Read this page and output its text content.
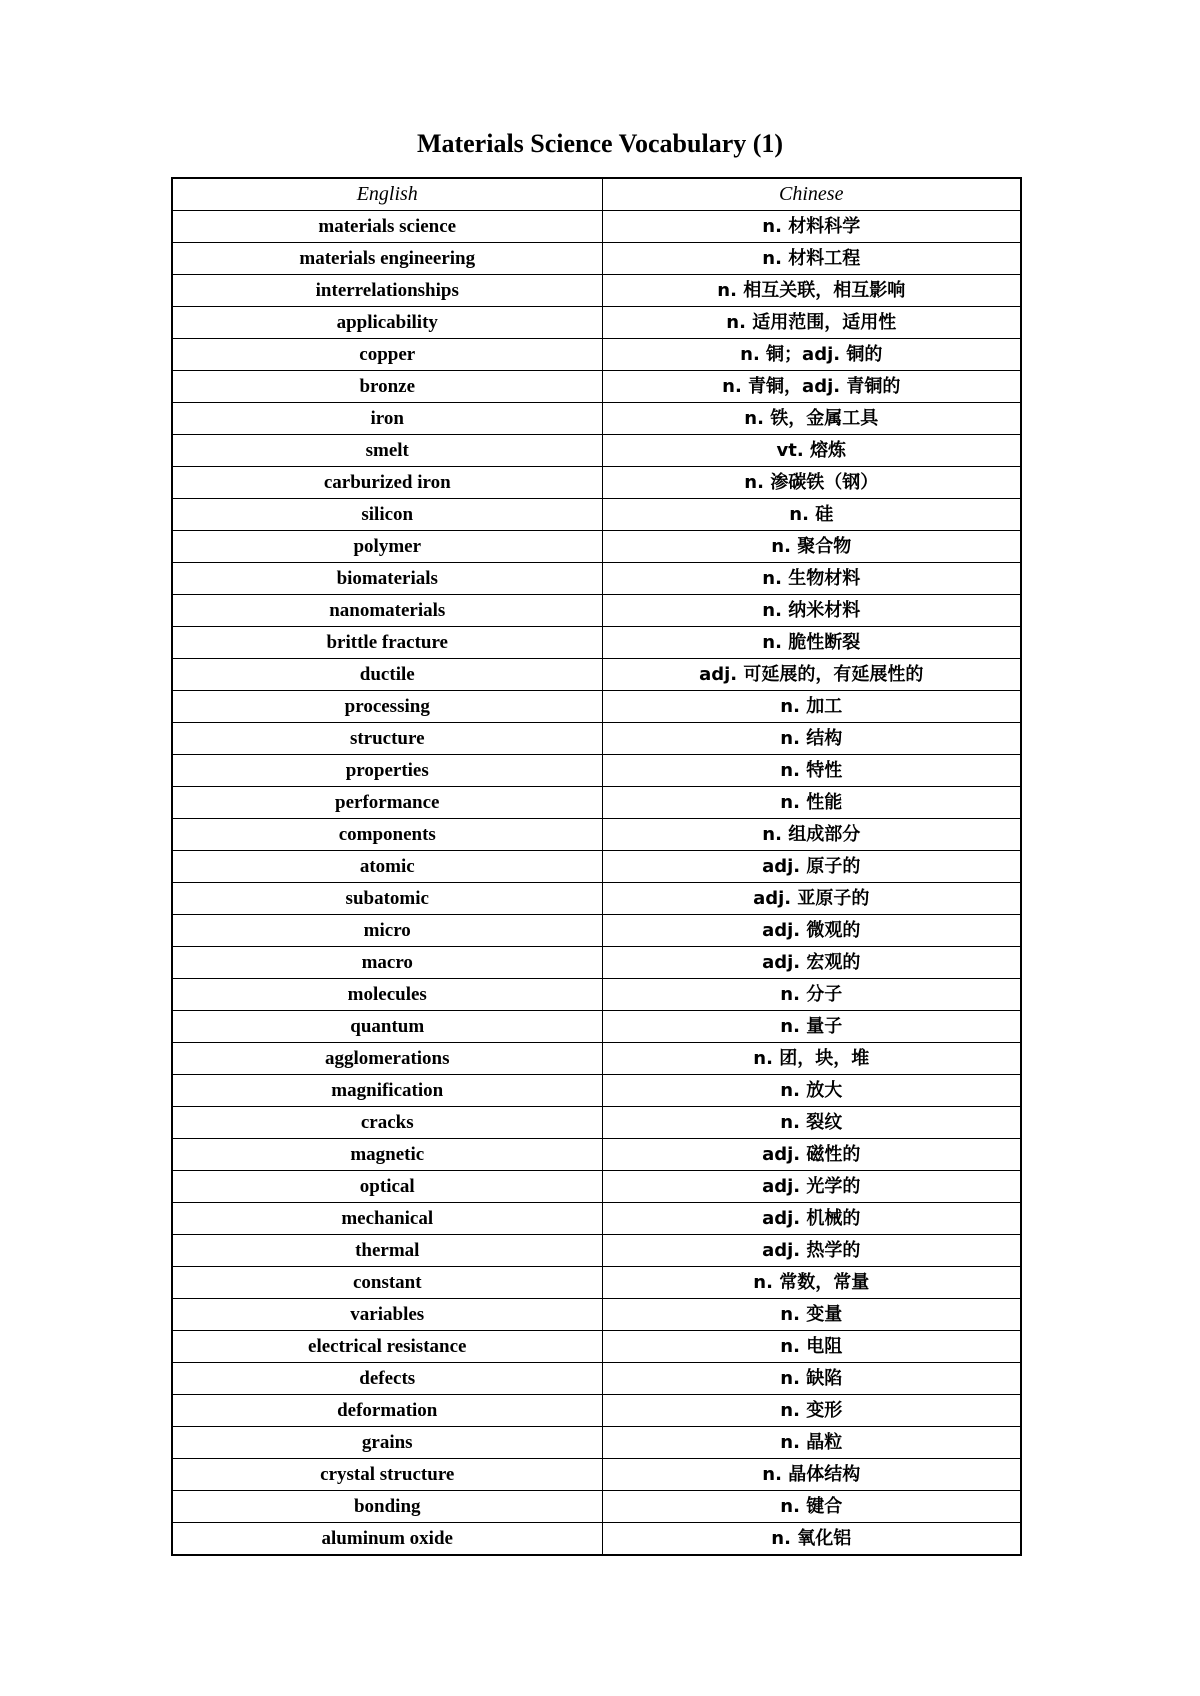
Materials Science Vocabulary (1)
English	Chinese
materials science	n. 材料科学
materials engineering	n. 材料工程
interrelationships	n. 相互关联，相互影响
applicability	n. 适用范围，适用性
copper	n. 铜；adj. 铜的
bronze	n. 青铜，adj. 青铜的
iron	n. 铁，金属工具
smelt	vt. 熔炼
carburized iron	n. 渗碳铁（钢）
silicon	n. 硅
polymer	n. 聚合物
biomaterials	n. 生物材料
nanomaterials	n. 纳米材料
brittle fracture	n. 脆性断裂
ductile	adj. 可延展的，有延展性的
processing	n. 加工
structure	n. 结构
properties	n. 特性
performance	n. 性能
components	n. 组成部分
atomic	adj. 原子的
subatomic	adj. 亚原子的
micro	adj. 微观的
macro	adj. 宏观的
molecules	n. 分子
quantum	n. 量子
agglomerations	n. 团，块，堆
magnification	n. 放大
cracks	n. 裂纹
magnetic	adj. 磁性的
optical	adj. 光学的
mechanical	adj. 机械的
thermal	adj. 热学的
constant	n. 常数，常量
variables	n. 变量
electrical resistance	n. 电阻
defects	n. 缺陷
deformation	n. 变形
grains	n. 晶粒
crystal structure	n. 晶体结构
bonding	n. 键合
aluminum oxide	n. 氧化铝
